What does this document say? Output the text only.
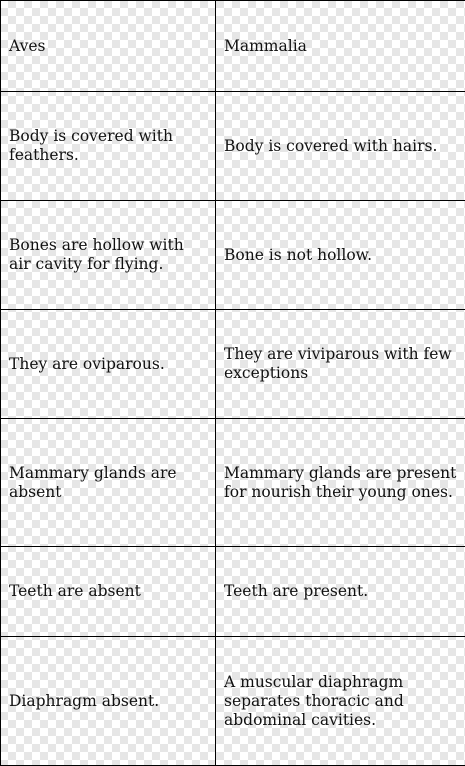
Aves	Mammalia
Body is covered with feathers.	Body is covered with hairs.
Bones are hollow with air cavity for flying.	Bone is not hollow.
They are oviparous.	They are viviparous with few exceptions
Mammary glands are absent	Mammary glands are present for nourish their young ones.
Teeth are absent	Teeth are present.
Diaphragm absent.	A muscular diaphragm separates thoracic and abdominal cavities.
